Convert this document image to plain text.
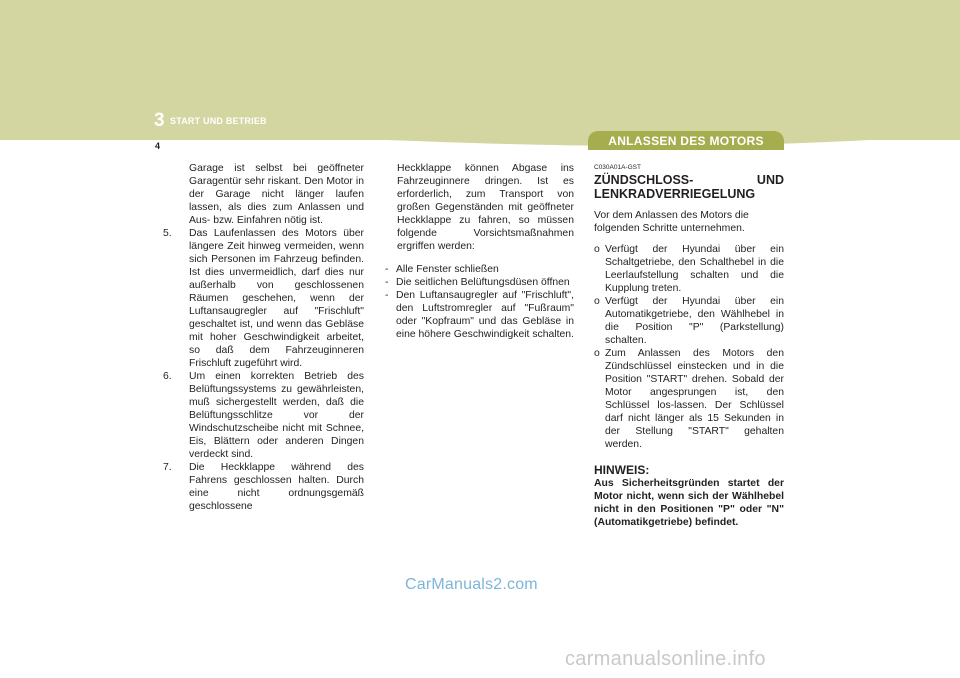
3 START UND BETRIEB
4	ANLASSEN DES MOTORS

Garage ist selbst bei geöffneter Garagentür sehr riskant. Den Motor in der Garage nicht länger laufen lassen, als dies zum Anlassen und Aus- bzw. Einfahren nötig ist.

5.	Das Laufenlassen des Motors über längere Zeit hinweg vermeiden, wenn sich Personen im Fahrzeug befinden. Ist dies unvermeidlich, darf dies nur außerhalb von geschlossenen Räumen geschehen, wenn der Luftansaugregler auf "Frischluft" geschaltet ist, und wenn das Gebläse mit hoher Geschwindigkeit arbeitet, so daß dem Fahrzeuginneren Frischluft zugeführt wird.
6.	Um einen korrekten Betrieb des Belüftungssystems zu gewährleisten, muß sichergestellt werden, daß die Belüftungsschlitze vor der Windschutzscheibe nicht mit Schnee, Eis, Blättern oder anderen Dingen verdeckt sind.
7.	Die Heckklappe während des Fahrens geschlossen halten. Durch eine nicht ordnungsgemäß geschlossene

Heckklappe können Abgase ins Fahrzeuginnere dringen. Ist es erforderlich, zum Transport von großen Gegenständen mit geöffneter Heckklappe zu fahren, so müssen folgende Vorsichtsmaßnahmen ergriffen werden:

- Alle Fenster schließen
- Die seitlichen Belüftungsdüsen öffnen
- Den Luftansaugregler auf "Frischluft", den Luftstromregler auf "Fußraum" oder "Kopfraum" und das Gebläse in eine höhere Geschwindigkeit schalten.

C030A01A-GST

ZÜNDSCHLOSS- UND LENKRADVERRIEGELUNG

Vor dem Anlassen des Motors die folgenden Schritte unternehmen.

o Verfügt der Hyundai über ein Schaltgetriebe, den Schalthebel in die Leerlaufstellung schalten und die Kupplung treten.
o Verfügt der Hyundai über ein Automatikgetriebe, den Wählhebel in die Position "P" (Parkstellung) schalten.
o Zum Anlassen des Motors den Zündschlüssel einstecken und in die Position "START" drehen. Sobald der Motor angesprungen ist, den Schlüssel los-lassen. Der Schlüssel darf nicht länger als 15 Sekunden in der Stellung "START" gehalten werden.

HINWEIS:

Aus Sicherheitsgründen startet der Motor nicht, wenn sich der Wählhebel nicht in den Positionen "P" oder "N" (Automatikgetriebe) befindet.

CarManuals2.com
carmanualsonline.info
